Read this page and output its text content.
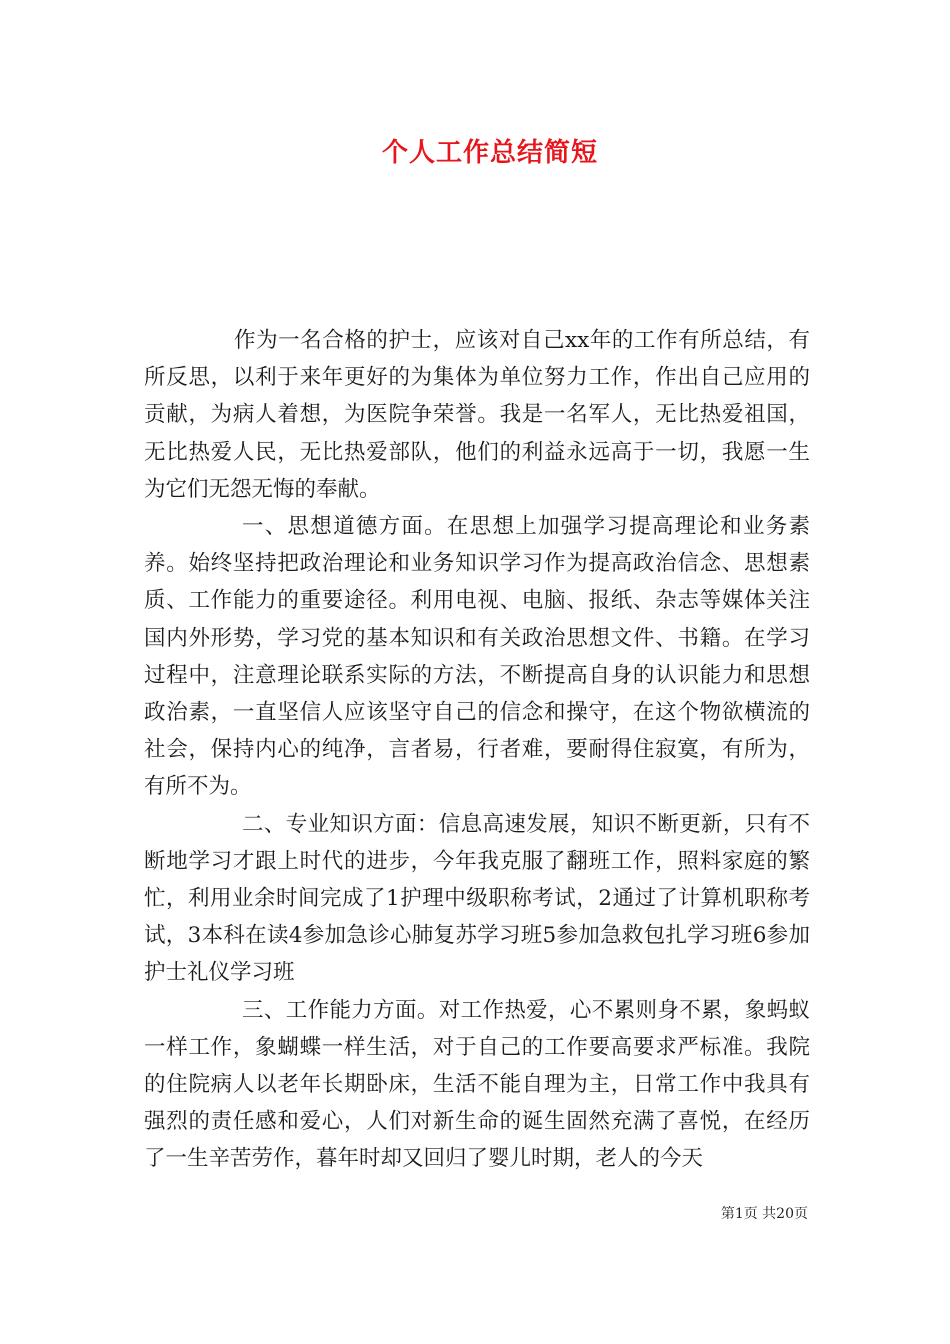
个人工作总结简短

作为一名合格的护士，应该对自己xx年的工作有所总结，有所反思，以利于来年更好的为集体为单位努力工作，作出自己应用的贡献，为病人着想，为医院争荣誉。我是一名军人，无比热爱祖国，无比热爱人民，无比热爱部队，他们的利益永远高于一切，我愿一生为它们无怨无悔的奉献。

一、思想道德方面。在思想上加强学习提高理论和业务素养。始终坚持把政治理论和业务知识学习作为提高政治信念、思想素质、工作能力的重要途径。利用电视、电脑、报纸、杂志等媒体关注国内外形势，学习党的基本知识和有关政治思想文件、书籍。在学习过程中，注意理论联系实际的方法，不断提高自身的认识能力和思想政治素，一直坚信人应该坚守自己的信念和操守，在这个物欲横流的社会，保持内心的纯净，言者易，行者难，要耐得住寂寞，有所为，有所不为。

二、专业知识方面：信息高速发展，知识不断更新，只有不断地学习才跟上时代的进步，今年我克服了翻班工作，照料家庭的繁忙，利用业余时间完成了1护理中级职称考试，2通过了计算机职称考试，3本科在读4参加急诊心肺复苏学习班5参加急救包扎学习班6参加护士礼仪学习班

三、工作能力方面。对工作热爱，心不累则身不累，象蚂蚁一样工作，象蝴蝶一样生活，对于自己的工作要高要求严标准。我院的住院病人以老年长期卧床，生活不能自理为主，日常工作中我具有强烈的责任感和爱心，人们对新生命的诞生固然充满了喜悦，在经历了一生辛苦劳作，暮年时却又回归了婴儿时期，老人的今天

第1页 共20页
